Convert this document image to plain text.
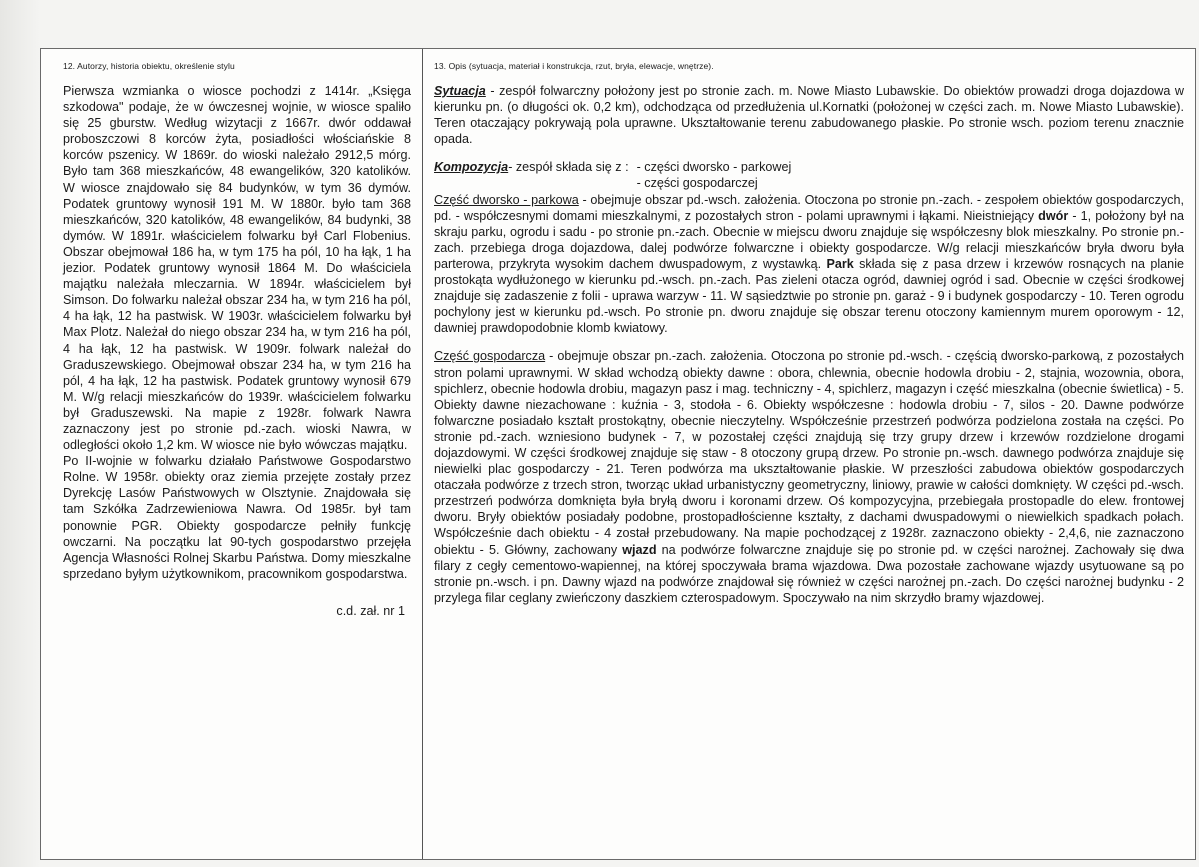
12. Autorzy, historia obiektu, określenie stylu

Pierwsza wzmianka o wiosce pochodzi z 1414r. „Księga szkodowa" podaje, że w ówczesnej wojnie, w wiosce spaliło się 25 gburstw. Według wizytacji z 1667r. dwór oddawał proboszczowi 8 korców żyta, posiadłości włościańskie 8 korców pszenicy. W 1869r. do wioski należało 2912,5 mórg. Było tam 368 mieszkańców, 48 ewangelików, 320 katolików. W wiosce znajdowało się 84 budynków, w tym 36 dymów. Podatek gruntowy wynosił 191 M. W 1880r. było tam 368 mieszkańców, 320 katolików, 48 ewangelików, 84 budynki, 38 dymów. W 1891r. właścicielem folwarku był Carl Flobenius. Obszar obejmował 186 ha, w tym 175 ha pól, 10 ha łąk, 1 ha jezior. Podatek gruntowy wynosił 1864 M. Do właściciela majątku należała mleczarnia. W 1894r. właścicielem był Simson. Do folwarku należał obszar 234 ha, w tym 216 ha pól, 4 ha łąk, 12 ha pastwisk. W 1903r. właścicielem folwarku był Max Plotz. Należał do niego obszar 234 ha, w tym 216 ha pól, 4 ha łąk, 12 ha pastwisk. W 1909r. folwark należał do Graduszewskiego. Obejmował obszar 234 ha, w tym 216 ha pól, 4 ha łąk, 12 ha pastwisk. Podatek gruntowy wynosił 679 M. W/g relacji mieszkańców do 1939r. właścicielem folwarku był Graduszewski. Na mapie z 1928r. folwark Nawra zaznaczony jest po stronie pd.-zach. wioski Nawra, w odległości około 1,2 km. W wiosce nie było wówczas majątku.

Po II-wojnie w folwarku działało Państwowe Gospodarstwo Rolne. W 1958r. obiekty oraz ziemia przejęte zostały przez Dyrekcję Lasów Państwowych w Olsztynie. Znajdowała się tam Szkółka Zadrzewieniowa Nawra. Od 1985r. był tam ponownie PGR. Obiekty gospodarcze pełniły funkcję owczarni. Na początku lat 90-tych gospodarstwo przejęła Agencja Własności Rolnej Skarbu Państwa. Domy mieszkalne sprzedano byłym użytkownikom, pracownikom gospodarstwa.

c.d. zał. nr 1
13. Opis (sytuacja, materiał i konstrukcja, rzut, bryła, elewacje, wnętrze).

Sytuacja - zespół folwarczny położony jest po stronie zach. m. Nowe Miasto Lubawskie. Do obiektów prowadzi droga dojazdowa w kierunku pn. (o długości ok. 0,2 km), odchodząca od przedłużenia ul.Kornatki (położonej w części zach. m. Nowe Miasto Lubawskie). Teren otaczający pokrywają pola uprawne. Ukształtowanie terenu zabudowanego płaskie. Po stronie wsch. poziom terenu znacznie opada.

Kompozycja - zespół składa się z : - części dworsko - parkowej
- części gospodarczej

Część dworsko - parkowa - obejmuje obszar pd.-wsch. założenia. Otoczona po stronie pn.-zach. - zespołem obiektów gospodarczych, pd. - współczesnymi domami mieszkalnymi, z pozostałych stron - polami uprawnymi i łąkami. Nieistniejący dwór - 1, położony był na skraju parku, ogrodu i sadu - po stronie pn.-zach. Obecnie w miejscu dworu znajduje się współczesny blok mieszkalny. Po stronie pn.-zach. przebiega droga dojazdowa, dalej podwórze folwarczne i obiekty gospodarcze. W/g relacji mieszkańców bryła dworu była parterowa, przykryta wysokim dachem dwuspadowym, z wystawką. Park składa się z pasa drzew i krzewów rosnących na planie prostokąta wydłużonego w kierunku pd.-wsch. pn.-zach. Pas zieleni otacza ogród, dawniej ogród i sad. Obecnie w części środkowej znajduje się zadaszenie z folii - uprawa warzyw - 11. W sąsiedztwie po stronie pn. garaż - 9 i budynek gospodarczy - 10. Teren ogrodu pochylony jest w kierunku pd.-wsch. Po stronie pn. dworu znajduje się obszar terenu otoczony kamiennym murem oporowym - 12, dawniej prawdopodobnie klomb kwiatowy.

Część gospodarcza - obejmuje obszar pn.-zach. założenia. Otoczona po stronie pd.-wsch. - częścią dworsko-parkową, z pozostałych stron polami uprawnymi. W skład wchodzą obiekty dawne : obora, chlewnia, obecnie hodowla drobiu - 2, stajnia, wozownia, obora, spichlerz, obecnie hodowla drobiu, magazyn pasz i mag. techniczny - 4, spichlerz, magazyn i część mieszkalna (obecnie świetlica) - 5. Obiekty dawne niezachowane : kuźnia - 3, stodoła - 6. Obiekty współczesne : hodowla drobiu - 7, silos - 20. Dawne podwórze folwarczne posiadało kształt prostokątny, obecnie nieczytelny. Współcześnie przestrzeń podwórza podzielona została na części. Po stronie pd.-zach. wzniesiono budynek - 7, w pozostałej części znajdują się trzy grupy drzew i krzewów rozdzielone drogami dojazdowymi. W części środkowej znajduje się staw - 8 otoczony grupą drzew. Po stronie pn.-wsch. dawnego podwórza znajduje się niewielki plac gospodarczy - 21. Teren podwórza ma ukształtowanie płaskie. W przeszłości zabudowa obiektów gospodarczych otaczała podwórze z trzech stron, tworząc układ urbanistyczny geometryczny, liniowy, prawie w całości domknięty. W części pd.-wsch. przestrzeń podwórza domknięta była bryłą dworu i koronami drzew. Oś kompozycyjna, przebiegała prostopadle do elew. frontowej dworu. Bryły obiektów posiadały podobne, prostopadłościenne kształty, z dachami dwuspadowymi o niewielkich spadkach połach. Współcześnie dach obiektu - 4 został przebudowany. Na mapie pochodzącej z 1928r. zaznaczono obiekty - 2,4,6, nie zaznaczono obiektu - 5. Główny, zachowany wjazd na podwórze folwarczne znajduje się po stronie pd. w części narożnej. Zachowały się dwa filary z cegły cementowo-wapiennej, na której spoczywała brama wjazdowa. Dwa pozostałe zachowane wjazdy usytuowane są po stronie pn.-wsch. i pn. Dawny wjazd na podwórze znajdował się również w części narożnej pn.-zach. Do części narożnej budynku - 2 przylega filar ceglany zwieńczony daszkiem czterospadowym. Spoczywało na nim skrzydło bramy wjazdowej.
